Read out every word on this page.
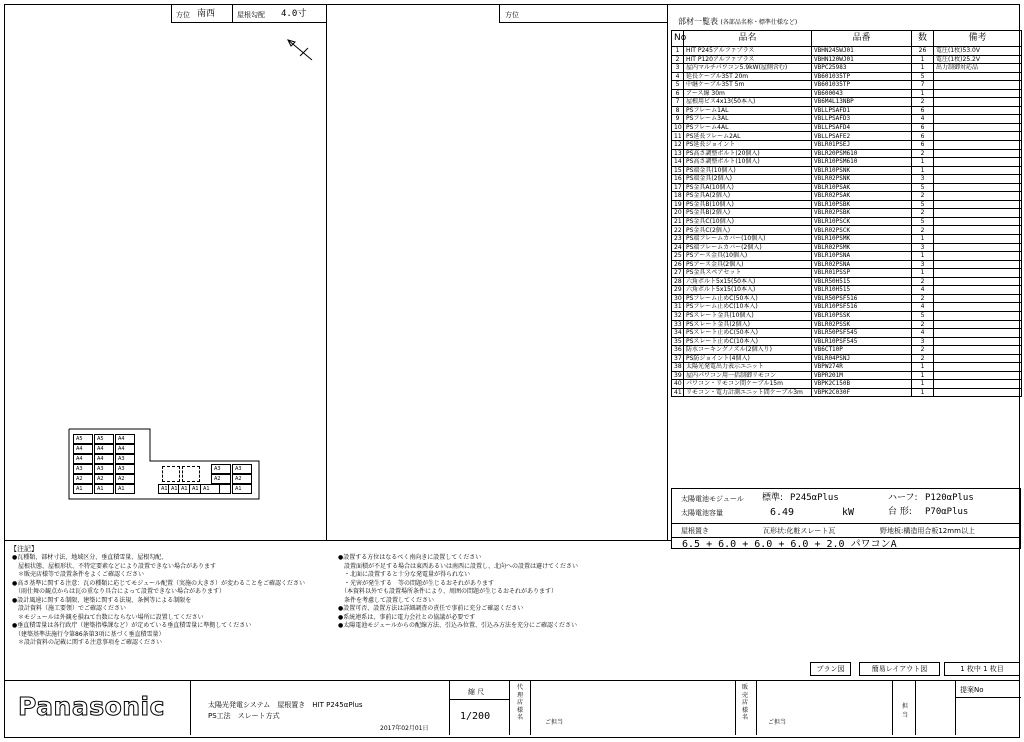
方位 南西	屋根勾配 4.0寸	方位
A5	A5	A4
A4	A4	A4
A4	A4	A3
A3	A3	A3
A2	A2	A2
A1	A1	A1
A3	A3
A2	A2
A1
A1 A1 A1 A1 A1
部材一覧表 (各部品名称・標準仕様など)
No	品名	品番	数	備考
1	HIT P245アルファプラス	VBHN245WJ01	26	電圧(1枚)53.0V
2	HIT P120アルファプラス	VBHN120WJ01	1	電圧(1枚)25.2V
3	屋内マルチパワコン5.9kW(屋側含む)	VBPC25983	1	出力制御対応品
4	延長ケーブル35T 20m	VB601035TP	5	
5	中継ケーブル35T 5m	VB601035TP	7	
6	アース線 30m	VB600043	1	
7	屋根用ビス4x13(50本入)	VB6M4L13NBP	2	
8	PSフレーム1AL	VBLLPSAFD1	6	
9	PSフレーム3AL	VBLLPSAFD3	4	
10	PSフレーム4AL	VBLLPSAFD4	6	
11	PS延長フレーム2AL	VBLLPSAFE2	6	
12	PS延長ジョイント	VBLR01PSEJ	6	
13	PS高さ調整ボルト(20個入)	VBLR20PSM610	2	
14	PS高さ調整ボルト(10個入)	VBLR10PSM610	1	
15	PS端金具(10個入)	VBLR10PSNK	1	
16	PS端金具(2個入)	VBLR02PSNK	3	
17	PS金具A(10個入)	VBLR10PSAK	5	
18	PS金具A(2個入)	VBLR02PSAK	2	
19	PS金具B(10個入)	VBLR10PSBK	5	
20	PS金具B(2個入)	VBLR02PSBK	2	
21	PS金具C(10個入)	VBLR10PSCK	5	
22	PS金具C(2個入)	VBLR02PSCK	2	
23	PS端フレームカバー(10個入)	VBLR10PSMK	1	
24	PS端フレームカバー(2個入)	VBLR02PSMK	3	
25	PSアース金具(10個入)	VBLR10PSNA	1	
26	PSアース金具(2個入)	VBLR02PSNA	3	
27	PS金具スペアセット	VBLR01PSSP	1	
28	六角ボルト5x15(50本入)	VBLR50H515	2	
29	六角ボルト5x15(10本入)	VBLR10H515	4	
30	PSフレーム止めC(50本入)	VBLR50PSF516	2	
31	PSフレーム止めC(10本入)	VBLR10PSF516	4	
32	PSスレート金具(10個入)	VBLR10PSSK	5	
33	PSスレート金具(2個入)	VBLR02PSSK	2	
34	PSスレート止めC(50本入)	VBLR50PSF545	4	
35	PSスレート止めC(10本入)	VBLR10PSF545	3	
36	防水コーキングノズル(2個入り)	VB6CT10P	2	
37	PS防ジョイント(4個入)	VBLR04PSNJ	2	
38	太陽光発電出力表示ユニット	VBPW274R	1	
39	屋内パワコン用一括制御リモコン	VBPR201M	1	
40	パワコン・リモコン間ケーブル15m	VBPK2C150B	1	
41	リモコン・電力計測ユニット間ケーブル3m	VBPK2C030F	1	
太陽電池モジュール 標準: P245αPlus	ハーフ: P120αPlus
太陽電池容量	6.49	kW	台 形: P70αPlus
屋根置き	瓦形状:化粧スレート瓦	野地板:構造用合板12mm以上
6.5 + 6.0 + 6.0 + 6.0 + 2.0 パワコンA
【注記】
●瓦種類、部材寸法、地域区分、垂直積雪量、屋根勾配、
　屋根状態、屋根形状、不特定要素などにより設置できない場合があります
　＊販売店様等で設置条件をよくご確認ください
●高さ基準に関する注意：瓦の種類に応じてモジュール配置（実施の大きさ）が変わることをご確認ください
　（雨仕舞の観点からは瓦の重なり具合によって設置できない場合があります）
●設計風速に関する制限、建築に関する法規、条例等による制限を
　設計資料（施工要領）でご確認ください
　＊モジュールは外観を損ねて台数にならない場所に設置してください
●垂直積雪量は各行政庁（建築指導課など）が定めている垂直積雪量に準拠してください
　（建築基準法施行令第86条第3項に基づく垂直積雪量）
　＊設計資料の記載に関する注意事項をご確認ください
●設置する方位はなるべく南向きに設置してください
　設置面積が不足する場合は東西あるいは南西に設置し、北向への設置は避けてください
　・北面に設置すると十分な発電量が得られない
　・光害が発生する　等の問題が生じるおそれがあります
　（本資料以外でも設置場所条件により、周囲の問題が生じるおそれがあります）
　条件を考慮して設置してください
●設置可否、設置方法は詳細調査の責任で事前に充分ご確認ください
●系統連系は、事前に電力会社との協議が必要です
●太陽電池モジュールからの配線方法、引込み位置、引込み方法を充分にご確認ください
プラン図	簡易レイアウト図	1 枚中 1 枚目
Panasonic	太陽光発電システム　屋根置き　HIT P245αPlus
PS工法　スレート方式
2017年02月01日
縮 尺
1/200
代理店様名
ご担当
販売店様名
ご担当
担当
提案No
